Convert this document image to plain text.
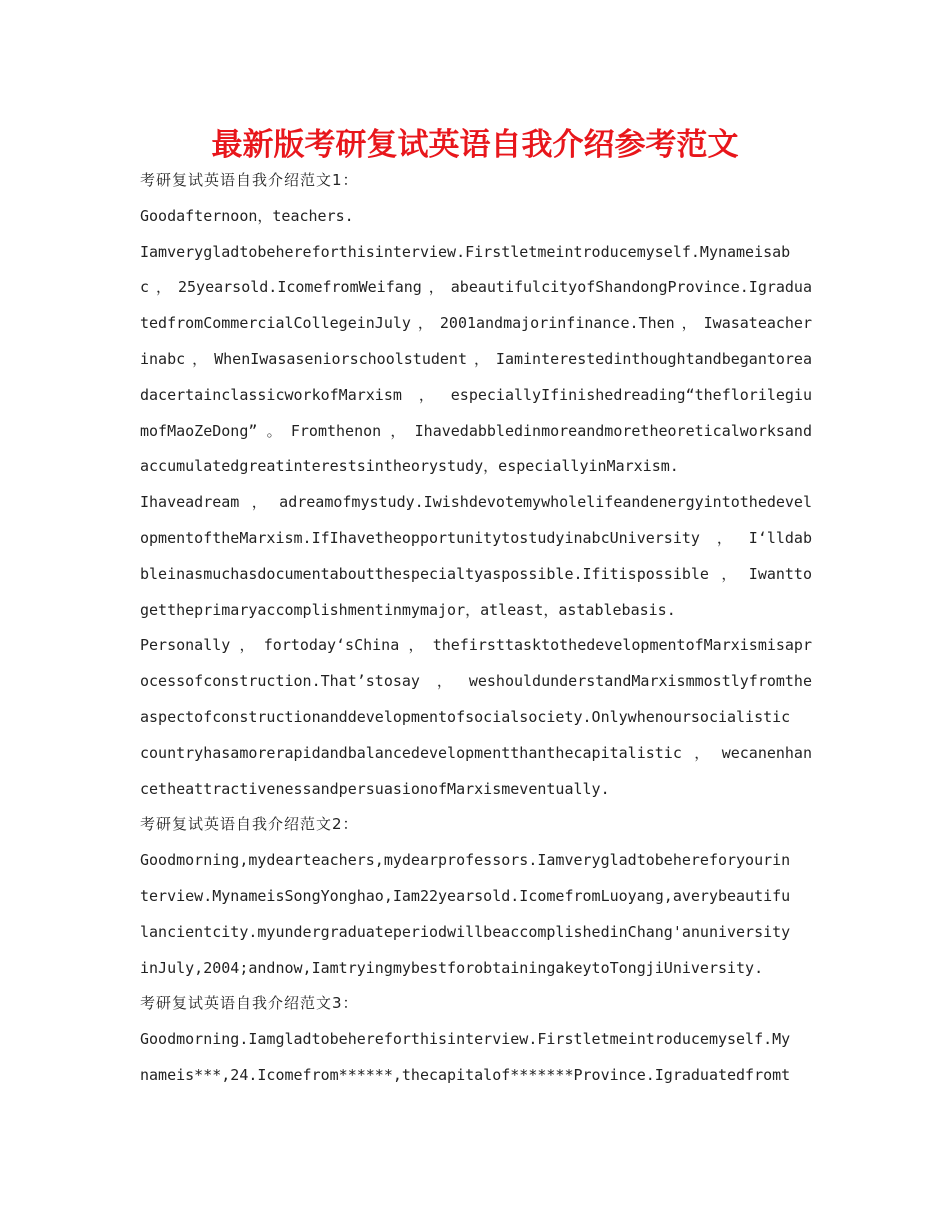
最新版考研复试英语自我介绍参考范文
考研复试英语自我介绍范文1：
Goodafternoon，teachers.
Iamverygladtobehereforthisinterview.Firstletmeintroducemyself.Mynameisab
c，25yearsold.IcomefromWeifang，abeautifulcityofShandongProvince.Igradua
tedfromCommercialCollegeinJuly，2001andmajorinfinance.Then，Iwasateacher
inabc，WhenIwasaseniorschoolstudent，Iaminterestedinthoughtandbegantorea
dacertainclassicworkofMarxism，especiallyIfinishedreading“theflorilegiu
mofMaoZeDong”。Fromthenon，Ihavedabbledinmoreandmoretheoreticalworksand
accumulatedgreatinterestsintheorystudy，especiallyinMarxism.
Ihaveadream，adreamofmystudy.Iwishdevotemywholelifeandenergyintothedevel
opmentoftheMarxism.IfIhavetheopportunitytostudyinabcUniversity，I‘lldab
bleinasmuchasdocumentaboutthespecialtyaspossible.Ifitispossible，Iwantto
gettheprimaryaccomplishmentinmymajor，atleast，astablebasis.
Personally，fortoday‘sChina，thefirsttasktothedevelopmentofMarxismisapr
ocessofconstruction.That’stosay，weshouldunderstandMarxismmostlyfromthe
aspectofconstructionanddevelopmentofsocialsociety.Onlywhenoursocialistic
countryhasamorerapidandbalancedevelopmentthanthecapitalistic，wecanenhan
cetheattractivenessandpersuasionofMarxismeventually.
考研复试英语自我介绍范文2：
Goodmorning,mydearteachers,mydearprofessors.Iamverygladtobehereforyourin
terview.MynameisSongYonghao,Iam22yearsold.IcomefromLuoyang,averybeautifu
lancientcity.myundergraduateperiodwillbeaccomplishedinChang'anuniversity
inJuly,2004;andnow,IamtryingmybestforobtainingakeytoTongjiUniversity.
考研复试英语自我介绍范文3：
Goodmorning.Iamgladtobehereforthisinterview.Firstletmeintroducemyself.My
nameis***,24.Icomefrom******,thecapitalof*******Province.Igraduatedfromt
